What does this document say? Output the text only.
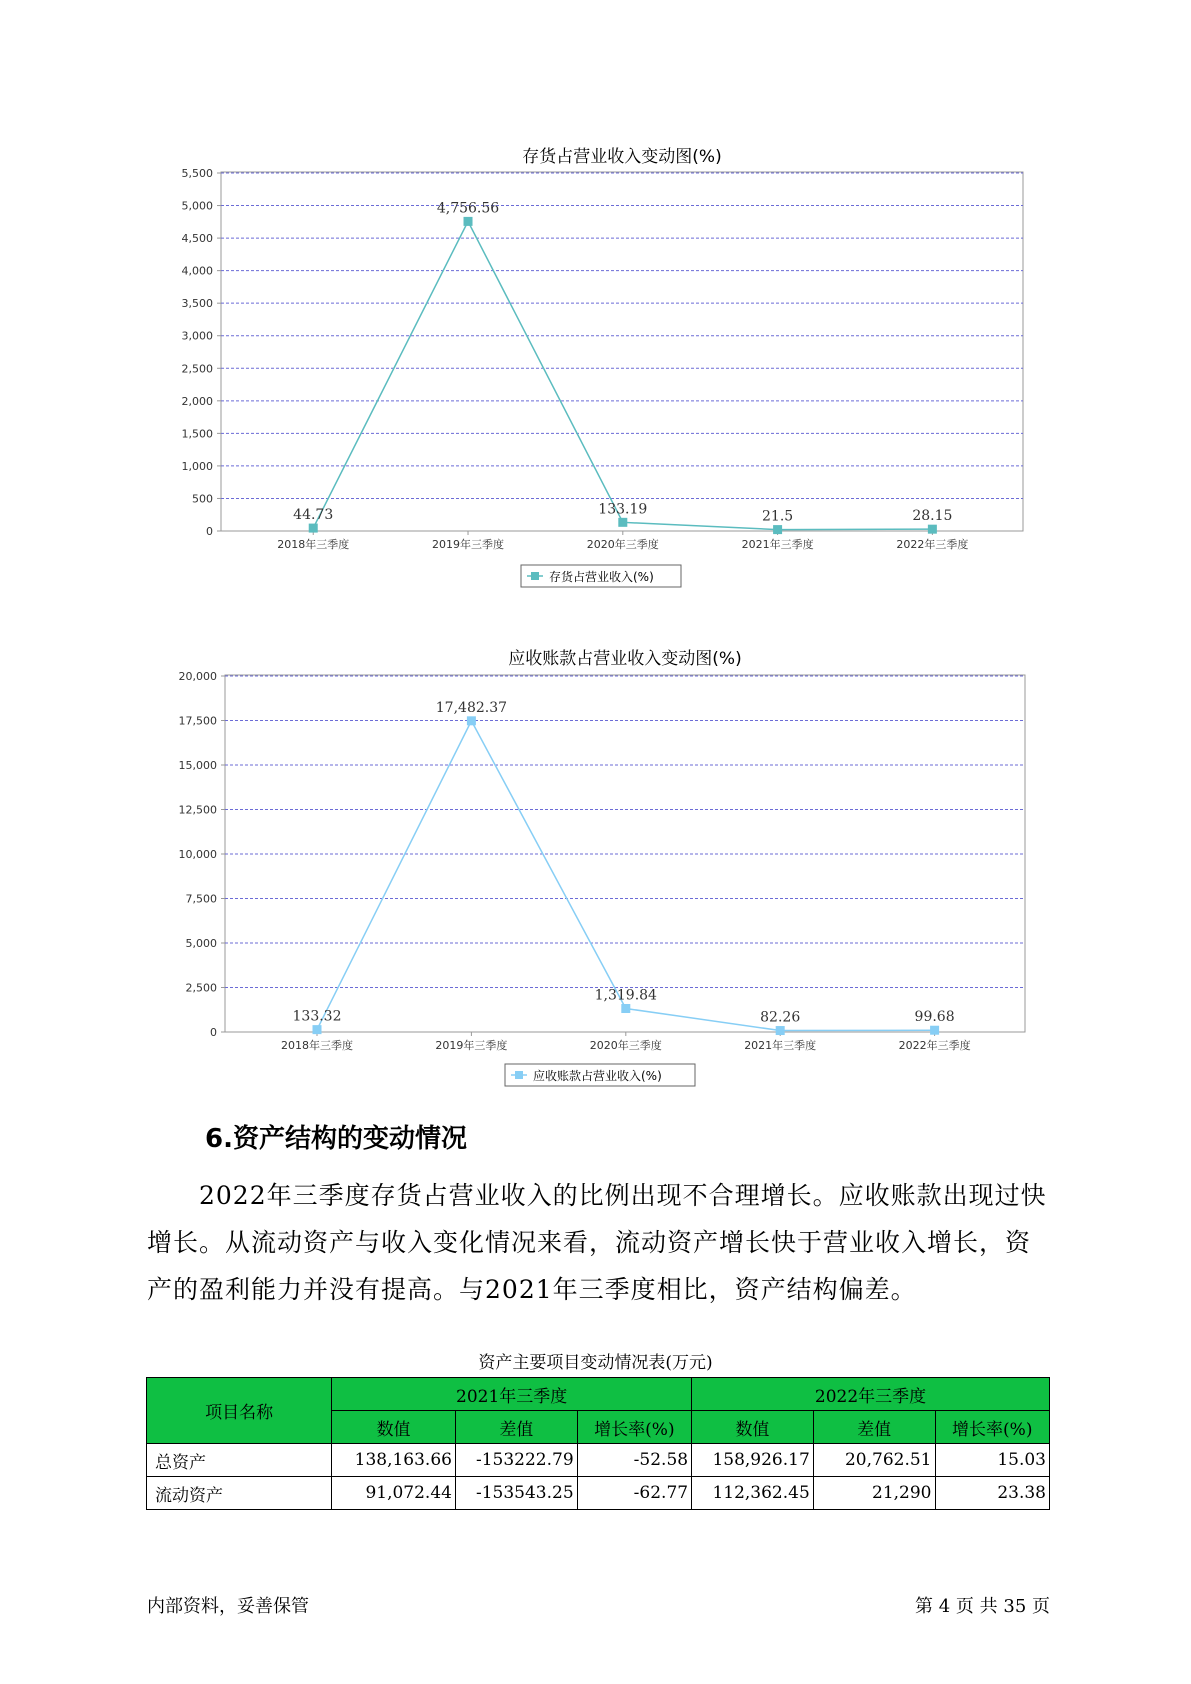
存货占营业收入变动图(%)
0
500
1,000
1,500
2,000
2,500
3,000
3,500
4,000
4,500
5,000
5,500
2018年三季度	2019年三季度	2020年三季度	2021年三季度	2022年三季度
44.73
4,756.56
133.19	21.5	28.15
存货占营业收入(%)
应收账款占营业收入变动图(%)
0
2,500
5,000
7,500
10,000
12,500
15,000
17,500
20,000
2018年三季度	2019年三季度	2020年三季度	2021年三季度	2022年三季度
133.32
17,482.37
1,319.84
82.26	99.68
应收账款占营业收入(%)
6.资产结构的变动情况
2022年三季度存货占营业收入的比例出现不合理增长。应收账款出现过快增长。从流动资产与收入变化情况来看，流动资产增长快于营业收入增长，资产的盈利能力并没有提高。与2021年三季度相比，资产结构偏差。
资产主要项目变动情况表(万元)
项目名称	2021年三季度			2022年三季度		
	数值	差值	增长率(%)	数值	差值	增长率(%)
总资产	138,163.66	-153222.79	-52.58	158,926.17	20,762.51	15.03
流动资产	91,072.44	-153543.25	-62.77	112,362.45	21,290	23.38
内部资料，妥善保管	第 4 页 共 35 页
